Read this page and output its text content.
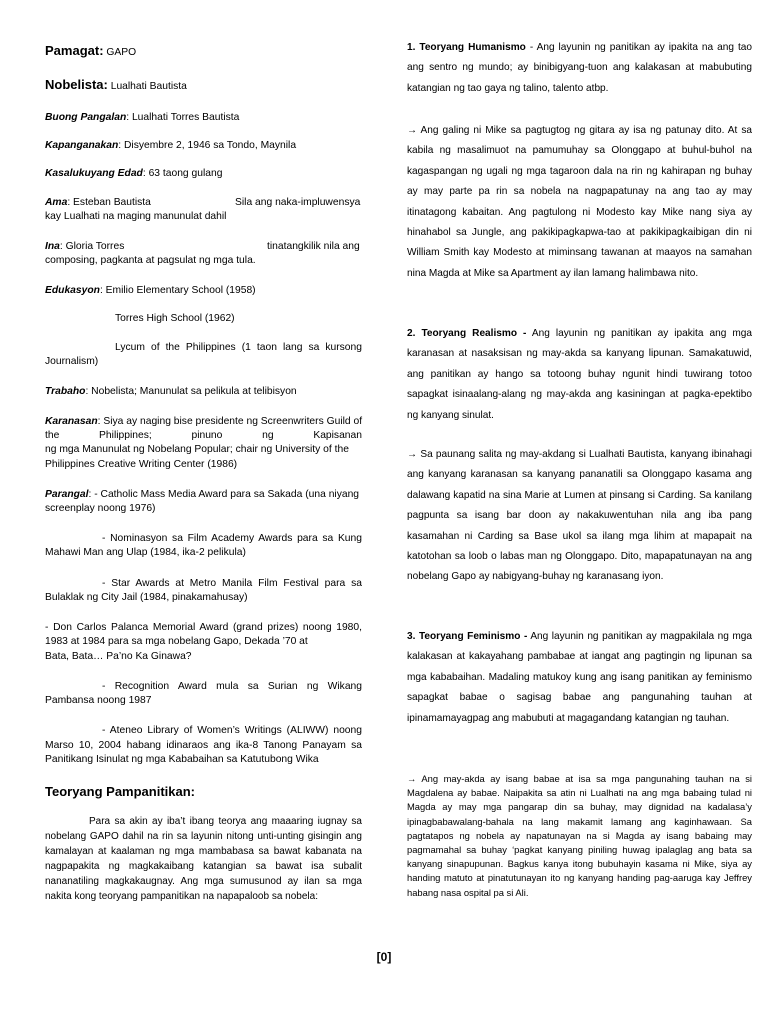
Pamagat: GAPO
Nobelista: Lualhati Bautista
Buong Pangalan: Lualhati Torres Bautista
Kapanganakan: Disyembre 2, 1946 sa Tondo, Maynila
Kasalukuyang Edad: 63 taong gulang
Ama: Esteban Bautista	Sila ang naka-impluwensya
kay Lualhati na maging manunulat dahil
Ina: Gloria Torres	tinatangkilik nila ang
composing, pagkanta at pagsulat ng mga tula.
Edukasyon: Emilio Elementary School (1958)
Torres High School (1962)
Lycum of the Philippines (1 taon lang sa kursong
Journalism)
Trabaho: Nobelista; Manunulat sa pelikula at telibisyon
Karanasan: Siya ay naging bise presidente ng Screenwriters Guild of
the Philippines; pinuno ng Kapisanan
ng mga Manunulat ng Nobelang Popular; chair ng University of the
Philippines Creative Writing Center (1986)
Parangal: - Catholic Mass Media Award para sa Sakada (una niyang
screenplay noong 1976)
- Nominasyon sa Film Academy Awards para sa Kung
Mahawi Man ang Ulap (1984, ika-2 pelikula)
- Star Awards at Metro Manila Film Festival para sa
Bulaklak ng City Jail (1984, pinakamahusay)
- Don Carlos Palanca Memorial Award (grand prizes) noong 1980,
1983 at 1984 para sa mga nobelang Gapo, Dekada ’70 at
Bata, Bata… Pa’no Ka Ginawa?
- Recognition Award mula sa Surian ng Wikang
Pambansa noong 1987
- Ateneo Library of Women’s Writings (ALIWW) noong
Marso 10, 2004 habang idinaraos ang ika-8 Tanong Panayam sa
Panitikang Isinulat ng mga Kababaihan sa Katutubong Wika
Teoryang Pampanitikan:
Para sa akin ay iba’t ibang teorya ang maaaring iugnay sa nobelang GAPO dahil na rin sa layunin nitong unti-unting gisingin ang kamalayan at kaalaman ng mga mambabasa sa bawat kabanata na nagpapakita ng magkakaibang katangian sa bawat isa subalit nananatiling magkakaugnay. Ang mga sumusunod ay ilan sa mga nakita kong teoryang pampanitikan na napapaloob sa nobela:
1. Teoryang Humanismo - Ang layunin ng panitikan ay ipakita na ang tao ang sentro ng mundo; ay binibigyang-tuon ang kalakasan at mabubuting katangian ng tao gaya ng talino, talento atbp.
→ Ang galing ni Mike sa pagtugtog ng gitara ay isa ng patunay dito. At sa kabila ng masalimuot na pamumuhay sa Olonggapo at buhul-buhol na kagaspangan ng ugali ng mga tagaroon dala na rin ng kahirapan ng buhay ay may parte pa rin sa nobela na nagpapatunay na ang tao ay may itinatagong kabaitan. Ang pagtulong ni Modesto kay Mike nang siya ay hinahabol sa Jungle, ang pakikipagkapwa-tao at pakikipagkaibigan din ni William Smith kay Modesto at miminsang tawanan at maayos na samahan nina Magda at Mike sa Apartment ay ilan lamang halimbawa nito.
2. Teoryang Realismo - Ang layunin ng panitikan ay ipakita ang mga karanasan at nasaksisan ng may-akda sa kanyang lipunan. Samakatuwid, ang panitikan ay hango sa totoong buhay ngunit hindi tuwirang totoo sapagkat isinaalang-alang ng may-akda ang kasiningan at pagka-epektibo ng kanyang sinulat.
→ Sa paunang salita ng may-akdang si Lualhati Bautista, kanyang ibinahagi ang kanyang karanasan sa kanyang pananatili sa Olonggapo kasama ang dalawang kapatid na sina Marie at Lumen at pinsang si Carding. Sa kanilang pagpunta sa isang bar doon ay nakakuwentuhan nila ang iba pang kasamahan ni Carding sa Base ukol sa ilang mga lihim at mapapait na katotohan sa loob o labas man ng Olonggapo. Dito, mapapatunayan na ang nobelang Gapo ay nabigyang-buhay ng karanasang iyon.
3. Teoryang Feminismo - Ang layunin ng panitikan ay magpakilala ng mga kalakasan at kakayahang pambabae at iangat ang pagtingin ng lipunan sa mga kababaihan. Madaling matukoy kung ang isang panitikan ay feminismo sapagkat babae o sagisag babae ang pangunahing tauhan at ipinamamayagpag ang mabubuti at magagandang katangian ng tauhan.
→ Ang may-akda ay isang babae at isa sa mga pangunahing tauhan na si Magdalena ay babae. Naipakita sa atin ni Lualhati na ang mga babaing tulad ni Magda ay may mga pangarap din sa buhay, may dignidad na kadalasa’y ipinagbabawalang-bahala na lang makamit lamang ang kaginhawaan. Sa pagtatapos ng nobela ay napatunayan na si Magda ay isang babaing may pagmamahal sa buhay ‘pagkat kanyang piniling huwag ipalaglag ang bata sa kanyang sinapupunan. Bagkus kanya itong bubuhayin kasama ni Mike, siya ay handing matuto at pinatutunayan ito ng kanyang handing pag-aaruga kay Jeffrey habang nasa ospital pa si Ali.
[0]
